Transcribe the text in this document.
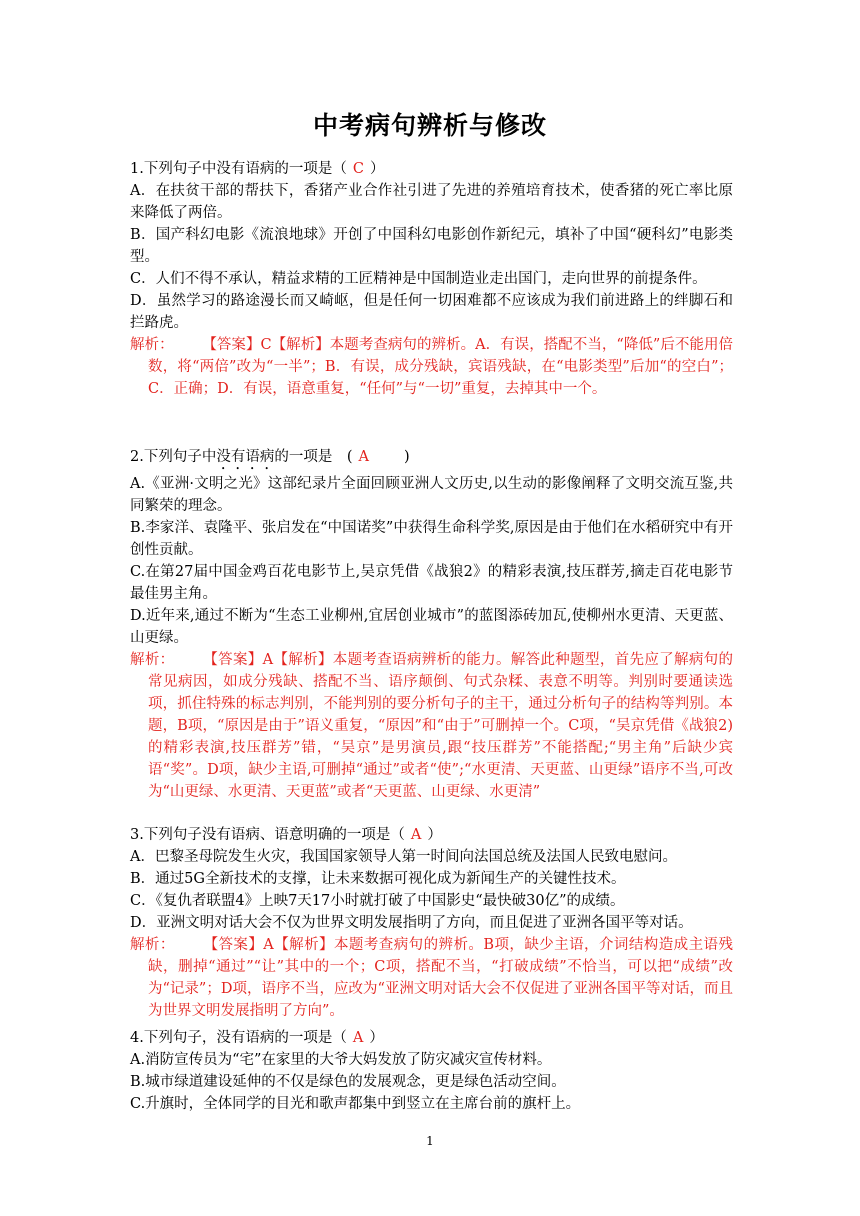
中考病句辨析与修改

1.下列句子中没有语病的一项是（ C ）

A．在扶贫干部的帮扶下，香猪产业合作社引进了先进的养殖培育技术，使香猪的死亡率比原来降低了两倍。

B．国产科幻电影《流浪地球》开创了中国科幻电影创作新纪元，填补了中国“硬科幻”电影类型。

C．人们不得不承认，精益求精的工匠精神是中国制造业走出国门，走向世界的前提条件。

D．虽然学习的路途漫长而又崎岖，但是任何一切困难都不应该成为我们前进路上的绊脚石和拦路虎。

解析： 【答案】C【解析】本题考查病句的辨析。A．有误，搭配不当，“降低”后不能用倍数，将“两倍”改为“一半”；B．有误，成分残缺，宾语残缺，在“电影类型”后加“的空白”；C．正确；D．有误，语意重复，“任何”与“一切”重复，去掉其中一个。

2.下列句子中没有语病的一项是　( A　　)

A.《亚洲·文明之光》这部纪录片全面回顾亚洲人文历史,以生动的影像阐释了文明交流互鉴,共同繁荣的理念。

B.李家洋、袁隆平、张启发在“中国诺奖”中获得生命科学奖,原因是由于他们在水稻研究中有开创性贡献。

C.在第27届中国金鸡百花电影节上,吴京凭借《战狼2》的精彩表演,技压群芳,摘走百花电影节最佳男主角。

D.近年来,通过不断为“生态工业柳州,宜居创业城市”的蓝图添砖加瓦,使柳州水更清、天更蓝、山更绿。

解析： 【答案】A【解析】本题考查语病辨析的能力。解答此种题型，首先应了解病句的常见病因，如成分残缺、搭配不当、语序颠倒、句式杂糅、表意不明等。判别时要通读选项，抓住特殊的标志判别，不能判别的要分析句子的主干，通过分析句子的结构等判别。本题，B项，“原因是由于”语义重复，“原因”和“由于”可删掉一个。C项，“吴京凭借《战狼2)的精彩表演,技压群芳”错，“吴京”是男演员,跟“技压群芳”不能搭配;“男主角”后缺少宾语“奖”。D项，缺少主语,可删掉“通过”或者“使”;“水更清、天更蓝、山更绿”语序不当,可改为“山更绿、水更清、天更蓝”或者“天更蓝、山更绿、水更清”

3.下列句子没有语病、语意明确的一项是（ A ）

A．巴黎圣母院发生火灾，我国国家领导人第一时间向法国总统及法国人民致电慰问。

B．通过5G全新技术的支撑，让未来数据可视化成为新闻生产的关键性技术。

C．《复仇者联盟4》上映7天17小时就打破了中国影史“最快破30亿”的成绩。

D．亚洲文明对话大会不仅为世界文明发展指明了方向，而且促进了亚洲各国平等对话。

解析： 【答案】A【解析】本题考查病句的辨析。B项，缺少主语，介词结构造成主语残缺，删掉“通过”“让”其中的一个；C项，搭配不当，“打破成绩”不恰当，可以把“成绩”改为“记录”；D项，语序不当，应改为“亚洲文明对话大会不仅促进了亚洲各国平等对话，而且为世界文明发展指明了方向”。

4.下列句子，没有语病的一项是（ A ）

A.消防宣传员为“宅”在家里的大爷大妈发放了防灾减灾宣传材料。

B.城市绿道建设延伸的不仅是绿色的发展观念，更是绿色活动空间。

C.升旗时，全体同学的目光和歌声都集中到竖立在主席台前的旗杆上。

1
